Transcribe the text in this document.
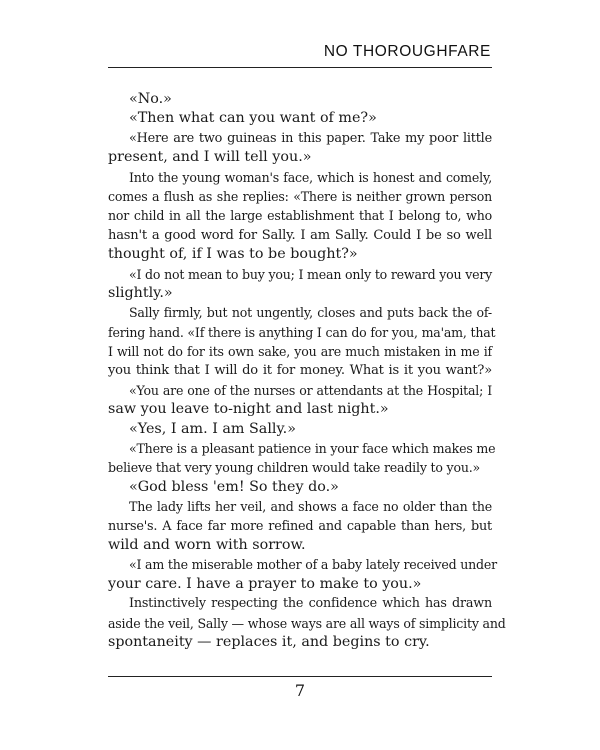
NO THOROUGHFARE
«No.»
«Then what can you want of me?»
«Here are two guineas in this paper. Take my poor little
present, and I will tell you.»
Into the young woman's face, which is honest and comely,
comes a flush as she replies: «There is neither grown person
nor child in all the large establishment that I belong to, who
hasn't a good word for Sally. I am Sally. Could I be so well
thought of, if I was to be bought?»
«I do not mean to buy you; I mean only to reward you very
slightly.»
Sally firmly, but not ungently, closes and puts back the of-
fering hand. «If there is anything I can do for you, ma'am, that
I will not do for its own sake, you are much mistaken in me if
you think that I will do it for money. What is it you want?»
«You are one of the nurses or attendants at the Hospital; I
saw you leave to-night and last night.»
«Yes, I am. I am Sally.»
«There is a pleasant patience in your face which makes me
believe that very young children would take readily to you.»
«God bless 'em! So they do.»
The lady lifts her veil, and shows a face no older than the
nurse's. A face far more refined and capable than hers, but
wild and worn with sorrow.
«I am the miserable mother of a baby lately received under
your care. I have a prayer to make to you.»
Instinctively respecting the confidence which has drawn
aside the veil, Sally — whose ways are all ways of simplicity and
spontaneity — replaces it, and begins to cry.
7
